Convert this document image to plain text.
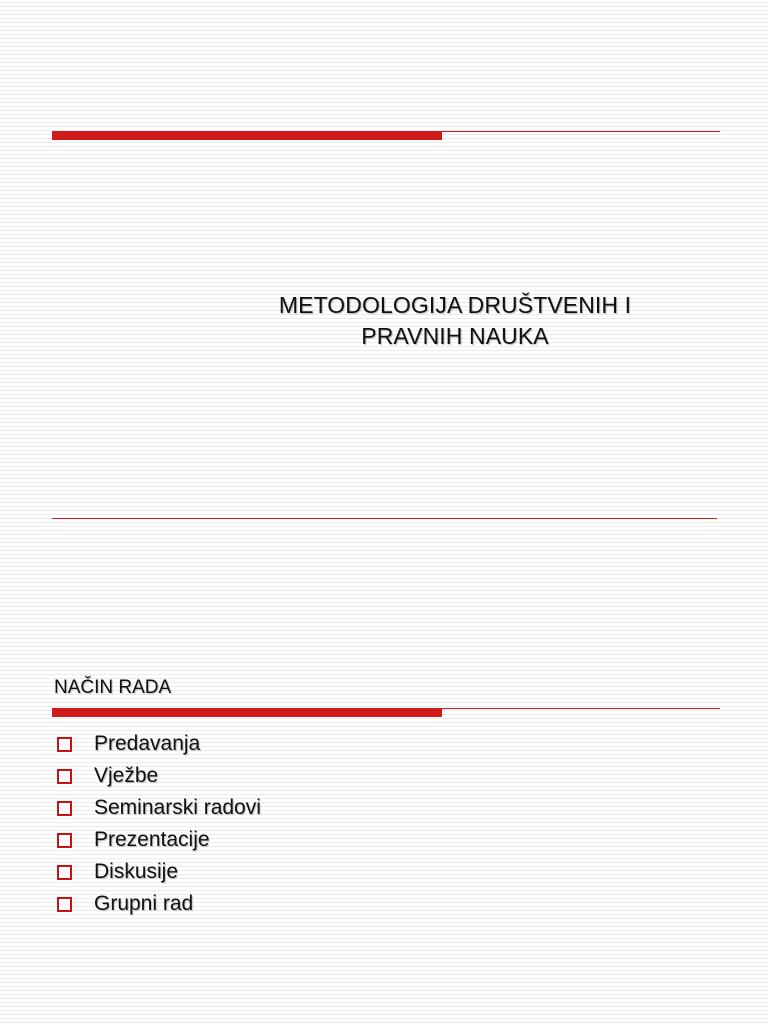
METODOLOGIJA DRUŠTVENIH I
PRAVNIH NAUKA
NAČIN RADA
Predavanja
Vježbe
Seminarski radovi
Prezentacije
Diskusije
Grupni rad
